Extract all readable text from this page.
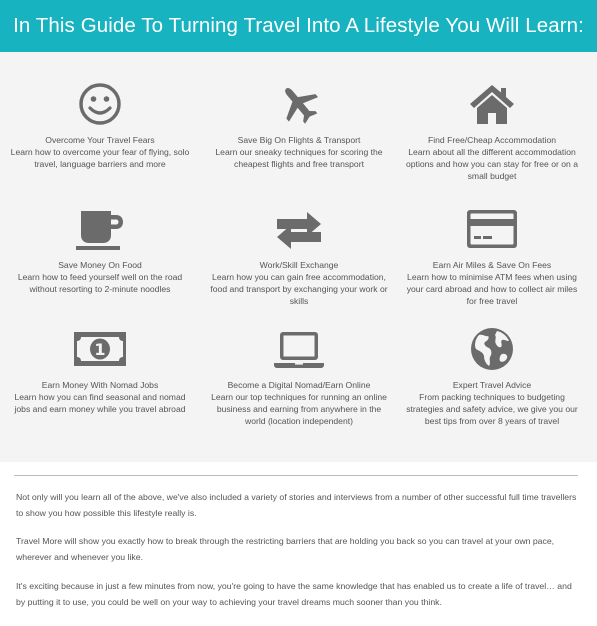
In This Guide To Turning Travel Into A Lifestyle You Will Learn:
Overcome Your Travel Fears
Learn how to overcome your fear of flying, solo travel, language barriers and more
Save Big On Flights & Transport
Learn our sneaky techniques for scoring the cheapest flights and free transport
Find Free/Cheap Accommodation
Learn about all the different accommodation options and how you can stay for free or on a small budget
Save Money On Food
Learn how to feed yourself well on the road without resorting to 2-minute noodles
Work/Skill Exchange
Learn how you can gain free accommodation, food and transport by exchanging your work or skills
Earn Air Miles & Save On Fees
Learn how to minimise ATM fees when using your card abroad and how to collect air miles for free travel
1
Earn Money With Nomad Jobs
Learn how you can find seasonal and nomad jobs and earn money while you travel abroad
Become a Digital Nomad/Earn Online
Learn our top techniques for running an online business and earning from anywhere in the world (location independent)
Expert Travel Advice
From packing techniques to budgeting strategies and safety advice, we give you our best tips from over 8 years of travel

Not only will you learn all of the above, we've also included a variety of stories and interviews from a number of other successful full time travellers to show you how possible this lifestyle really is.

Travel More will show you exactly how to break through the restricting barriers that are holding you back so you can travel at your own pace, wherever and whenever you like.

It's exciting because in just a few minutes from now, you're going to have the same knowledge that has enabled us to create a life of travel… and by putting it to use, you could be well on your way to achieving your travel dreams much sooner than you think.
